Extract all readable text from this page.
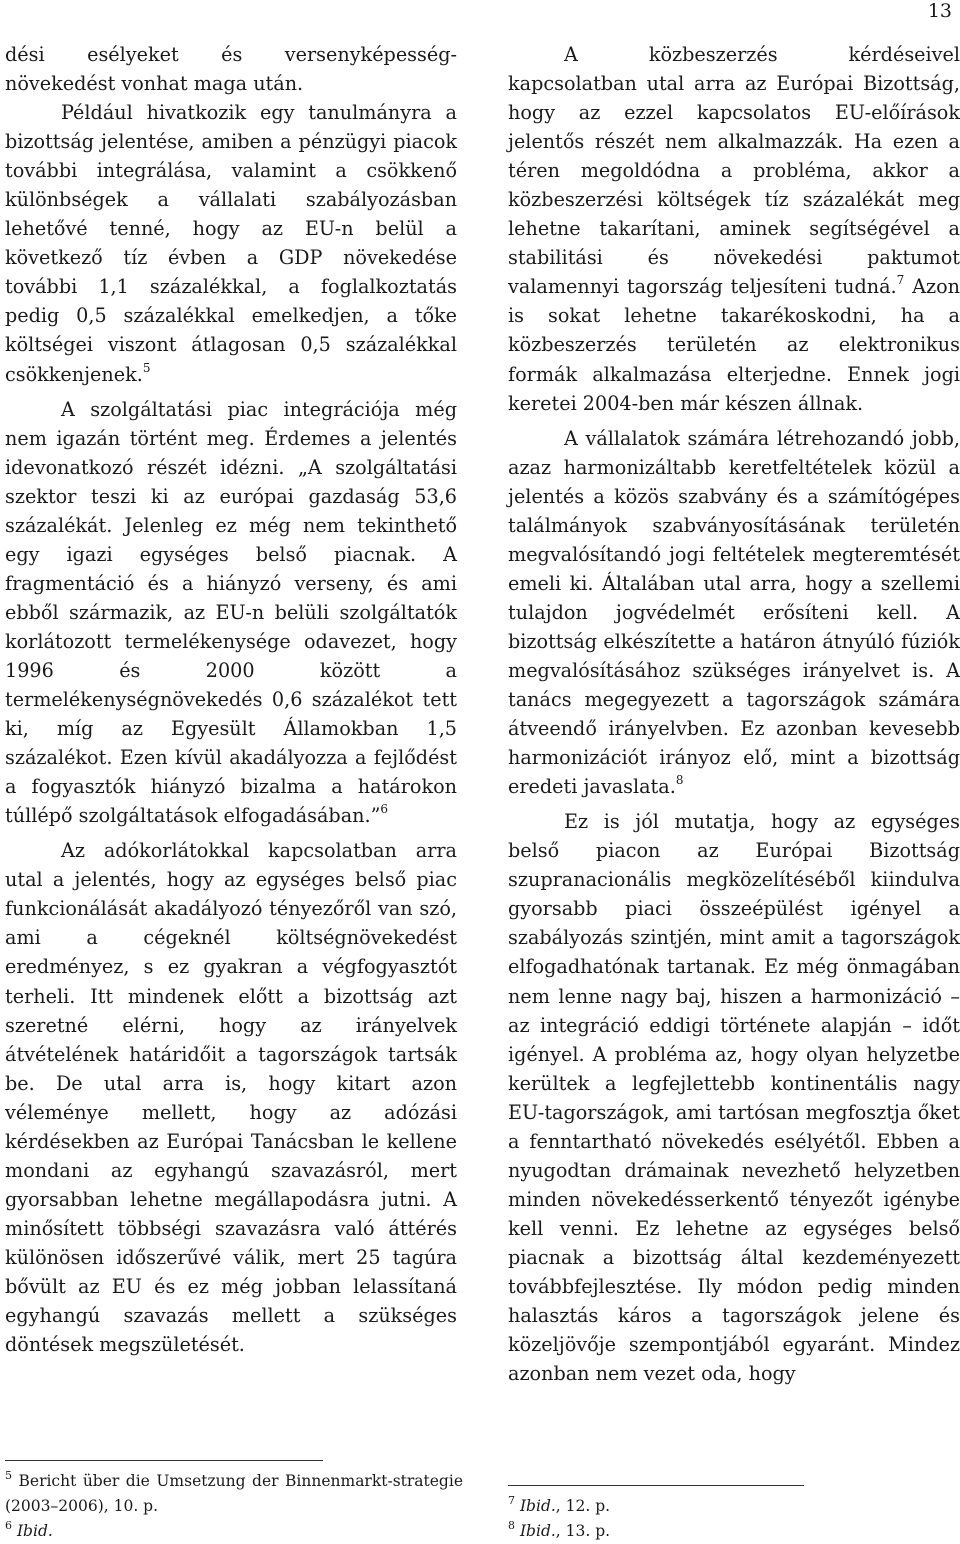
13

dési esélyeket és versenyképesség-növekedést vonhat maga után.

Például hivatkozik egy tanulmányra a bizottság jelentése, amiben a pénzügyi piacok további integrálása, valamint a csökkenő különbségek a vállalati szabályozásban lehetővé tenné, hogy az EU-n belül a következő tíz évben a GDP növekedése további 1,1 százalékkal, a foglalkoztatás pedig 0,5 százalékkal emelkedjen, a tőke költségei viszont átlagosan 0,5 százalékkal csökkenjenek.$^5$

A szolgáltatási piac integrációja még nem igazán történt meg. Érdemes a jelentés idevonatkozó részét idézni. „A szolgáltatási szektor teszi ki az európai gazdaság 53,6 százalékát. Jelenleg ez még nem tekinthető egy igazi egységes belső piacnak. A fragmentáció és a hiányzó verseny, és ami ebből származik, az EU-n belüli szolgáltatók korlátozott termelékenysége odavezet, hogy 1996 és 2000 között a termelékenységnövekedés 0,6 százalékot tett ki, míg az Egyesült Államokban 1,5 százalékot. Ezen kívül akadályozza a fejlődést a fogyasztók hiányzó bizalma a határokon túllépő szolgáltatások elfogadásában.”$^6$

Az adókorlátokkal kapcsolatban arra utal a jelentés, hogy az egységes belső piac funkcionálását akadályozó tényezőről van szó, ami a cégeknél költségnövekedést eredményez, s ez gyakran a végfogyasztót terheli. Itt mindenek előtt a bizottság azt szeretné elérni, hogy az irányelvek átvételének határidőit a tagországok tartsák be. De utal arra is, hogy kitart azon véleménye mellett, hogy az adózási kérdésekben az Európai Tanácsban le kellene mondani az egyhangú szavazásról, mert gyorsabban lehetne megállapodásra jutni. A minősített többségi szavazásra való áttérés különösen időszerűvé válik, mert 25 tagúra bővült az EU és ez még jobban lelassítaná egyhangú szavazás mellett a szükséges döntések megszületését.

A közbeszerzés kérdéseivel kapcsolatban utal arra az Európai Bizottság, hogy az ezzel kapcsolatos EU-előírások jelentős részét nem alkalmazzák. Ha ezen a téren megoldódna a probléma, akkor a közbeszerzési költségek tíz százalékát meg lehetne takarítani, aminek segítségével a stabilitási és növekedési paktumot valamennyi tagország teljesíteni tudná.$^7$ Azon is sokat lehetne takarékoskodni, ha a közbeszerzés területén az elektronikus formák alkalmazása elterjedne. Ennek jogi keretei 2004-ben már készen állnak.

A vállalatok számára létrehozandó jobb, azaz harmonizáltabb keretfeltételek közül a jelentés a közös szabvány és a számítógépes találmányok szabványosításának területén megvalósítandó jogi feltételek megteremtését emeli ki. Általában utal arra, hogy a szellemi tulajdon jogvédelmét erősíteni kell. A bizottság elkészítette a határon átnyúló fúziók megvalósításához szükséges irányelvet is. A tanács megegyezett a tagországok számára átveendő irányelvben. Ez azonban kevesebb harmonizációt irányoz elő, mint a bizottság eredeti javaslata.$^8$

Ez is jól mutatja, hogy az egységes belső piacon az Európai Bizottság szupranacionális megközelítéséből kiindulva gyorsabb piaci összeépülést igényel a szabályozás szintjén, mint amit a tagországok elfogadhatónak tartanak. Ez még önmagában nem lenne nagy baj, hiszen a harmonizáció – az integráció eddigi története alapján – időt igényel. A probléma az, hogy olyan helyzetbe kerültek a legfejlettebb kontinentális nagy EU-tagországok, ami tartósan megfosztja őket a fenntartható növekedés esélyétől. Ebben a nyugodtan drámainak nevezhető helyzetben minden növekedésserkentő tényezőt igénybe kell venni. Ez lehetne az egységes belső piacnak a bizottság által kezdeményezett továbbfejlesztése. Ily módon pedig minden halasztás káros a tagországok jelene és közeljövője szempontjából egyaránt. Mindez azonban nem vezet oda, hogy

$^5$ Bericht über die Umsetzung der Binnenmarkt-strategie (2003–2006), 10. p.

$^6$ Ibid.

$^7$ Ibid., 12. p.

$^8$ Ibid., 13. p.
